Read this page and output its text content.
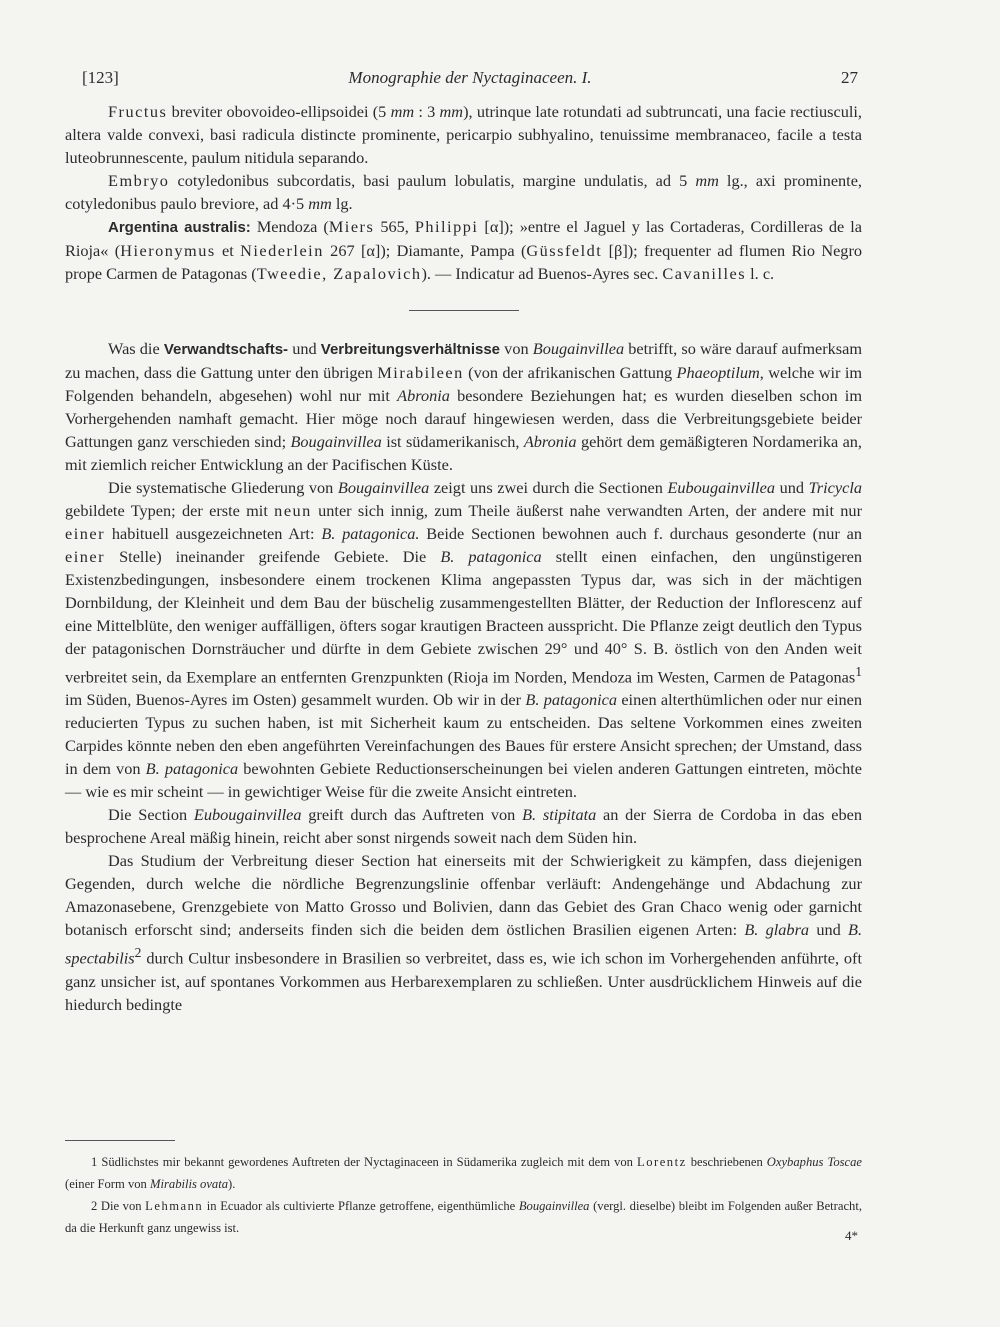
[123]	Monographie der Nyctaginaceen. I.	27

Fructus breviter obovoideo-ellipsoidei (5 mm : 3 mm), utrinque late rotundati ad subtruncati, una facie rectiusculi, altera valde convexi, basi radicula distincte prominente, pericarpio subhyalino, tenuissime membranaceo, facile a testa luteobrunnescente, paulum nitidula separando.

Embryo cotyledonibus subcordatis, basi paulum lobulatis, margine undulatis, ad 5 mm lg., axi prominente, cotyledonibus paulo breviore, ad 4·5 mm lg.

Argentina australis: Mendoza (Miers 565, Philippi [α]); »entre el Jaguel y las Cortaderas, Cordilleras de la Rioja« (Hieronymus et Niederlein 267 [α]); Diamante, Pampa (Güssfeldt [β]); frequenter ad flumen Rio Negro prope Carmen de Patagonas (Tweedie, Zapalovich). — Indicatur ad Buenos-Ayres sec. Cavanilles l. c.

Was die Verwandtschafts- und Verbreitungsverhältnisse von Bougainvillea betrifft, so wäre darauf aufmerksam zu machen, dass die Gattung unter den übrigen Mirabileen (von der afrikanischen Gattung Phaeoptilum, welche wir im Folgenden behandeln, abgesehen) wohl nur mit Abronia besondere Beziehungen hat; es wurden dieselben schon im Vorhergehenden namhaft gemacht. Hier möge noch darauf hingewiesen werden, dass die Verbreitungsgebiete beider Gattungen ganz verschieden sind; Bougainvillea ist südamerikanisch, Abronia gehört dem gemäßigteren Nordamerika an, mit ziemlich reicher Entwicklung an der Pacifischen Küste.

Die systematische Gliederung von Bougainvillea zeigt uns zwei durch die Sectionen Eubougainvillea und Tricycla gebildete Typen; der erste mit neun unter sich innig, zum Theile äußerst nahe verwandten Arten, der andere mit nur einer habituell ausgezeichneten Art: B. patagonica. Beide Sectionen bewohnen auch f. durchaus gesonderte (nur an einer Stelle) ineinander greifende Gebiete. Die B. patagonica stellt einen einfachen, den ungünstigeren Existenzbedingungen, insbesondere einem trockenen Klima angepassten Typus dar, was sich in der mächtigen Dornbildung, der Kleinheit und dem Bau der büschelig zusammengestellten Blätter, der Reduction der Inflorescenz auf eine Mittelblüte, den weniger auffälligen, öfters sogar krautigen Bracteen ausspricht. Die Pflanze zeigt deutlich den Typus der patagonischen Dornsträucher und dürfte in dem Gebiete zwischen 29° und 40° S. B. östlich von den Anden weit verbreitet sein, da Exemplare an entfernten Grenzpunkten (Rioja im Norden, Mendoza im Westen, Carmen de Patagonas$^1$ im Süden, Buenos-Ayres im Osten) gesammelt wurden. Ob wir in der B. patagonica einen alterthümlichen oder nur einen reducierten Typus zu suchen haben, ist mit Sicherheit kaum zu entscheiden. Das seltene Vorkommen eines zweiten Carpides könnte neben den eben angeführten Vereinfachungen des Baues für erstere Ansicht sprechen; der Umstand, dass in dem von B. patagonica bewohnten Gebiete Reductionserscheinungen bei vielen anderen Gattungen eintreten, möchte — wie es mir scheint — in gewichtiger Weise für die zweite Ansicht eintreten.

Die Section Eubougainvillea greift durch das Auftreten von B. stipitata an der Sierra de Cordoba in das eben besprochene Areal mäßig hinein, reicht aber sonst nirgends soweit nach dem Süden hin.

Das Studium der Verbreitung dieser Section hat einerseits mit der Schwierigkeit zu kämpfen, dass diejenigen Gegenden, durch welche die nördliche Begrenzungslinie offenbar verläuft: Andengehänge und Abdachung zur Amazonasebene, Grenzgebiete von Matto Grosso und Bolivien, dann das Gebiet des Gran Chaco wenig oder garnicht botanisch erforscht sind; anderseits finden sich die beiden dem östlichen Brasilien eigenen Arten: B. glabra und B. spectabilis$^2$ durch Cultur insbesondere in Brasilien so verbreitet, dass es, wie ich schon im Vorhergehenden anführte, oft ganz unsicher ist, auf spontanes Vorkommen aus Herbarexemplaren zu schließen. Unter ausdrücklichem Hinweis auf die hiedurch bedingte

1 Südlichstes mir bekannt gewordenes Auftreten der Nyctaginaceen in Südamerika zugleich mit dem von Lorentz beschriebenen Oxybaphus Toscae (einer Form von Mirabilis ovata).

2 Die von Lehmann in Ecuador als cultivierte Pflanze getroffene, eigenthümliche Bougainvillea (vergl. dieselbe) bleibt im Folgenden außer Betracht, da die Herkunft ganz ungewiss ist.	4*
